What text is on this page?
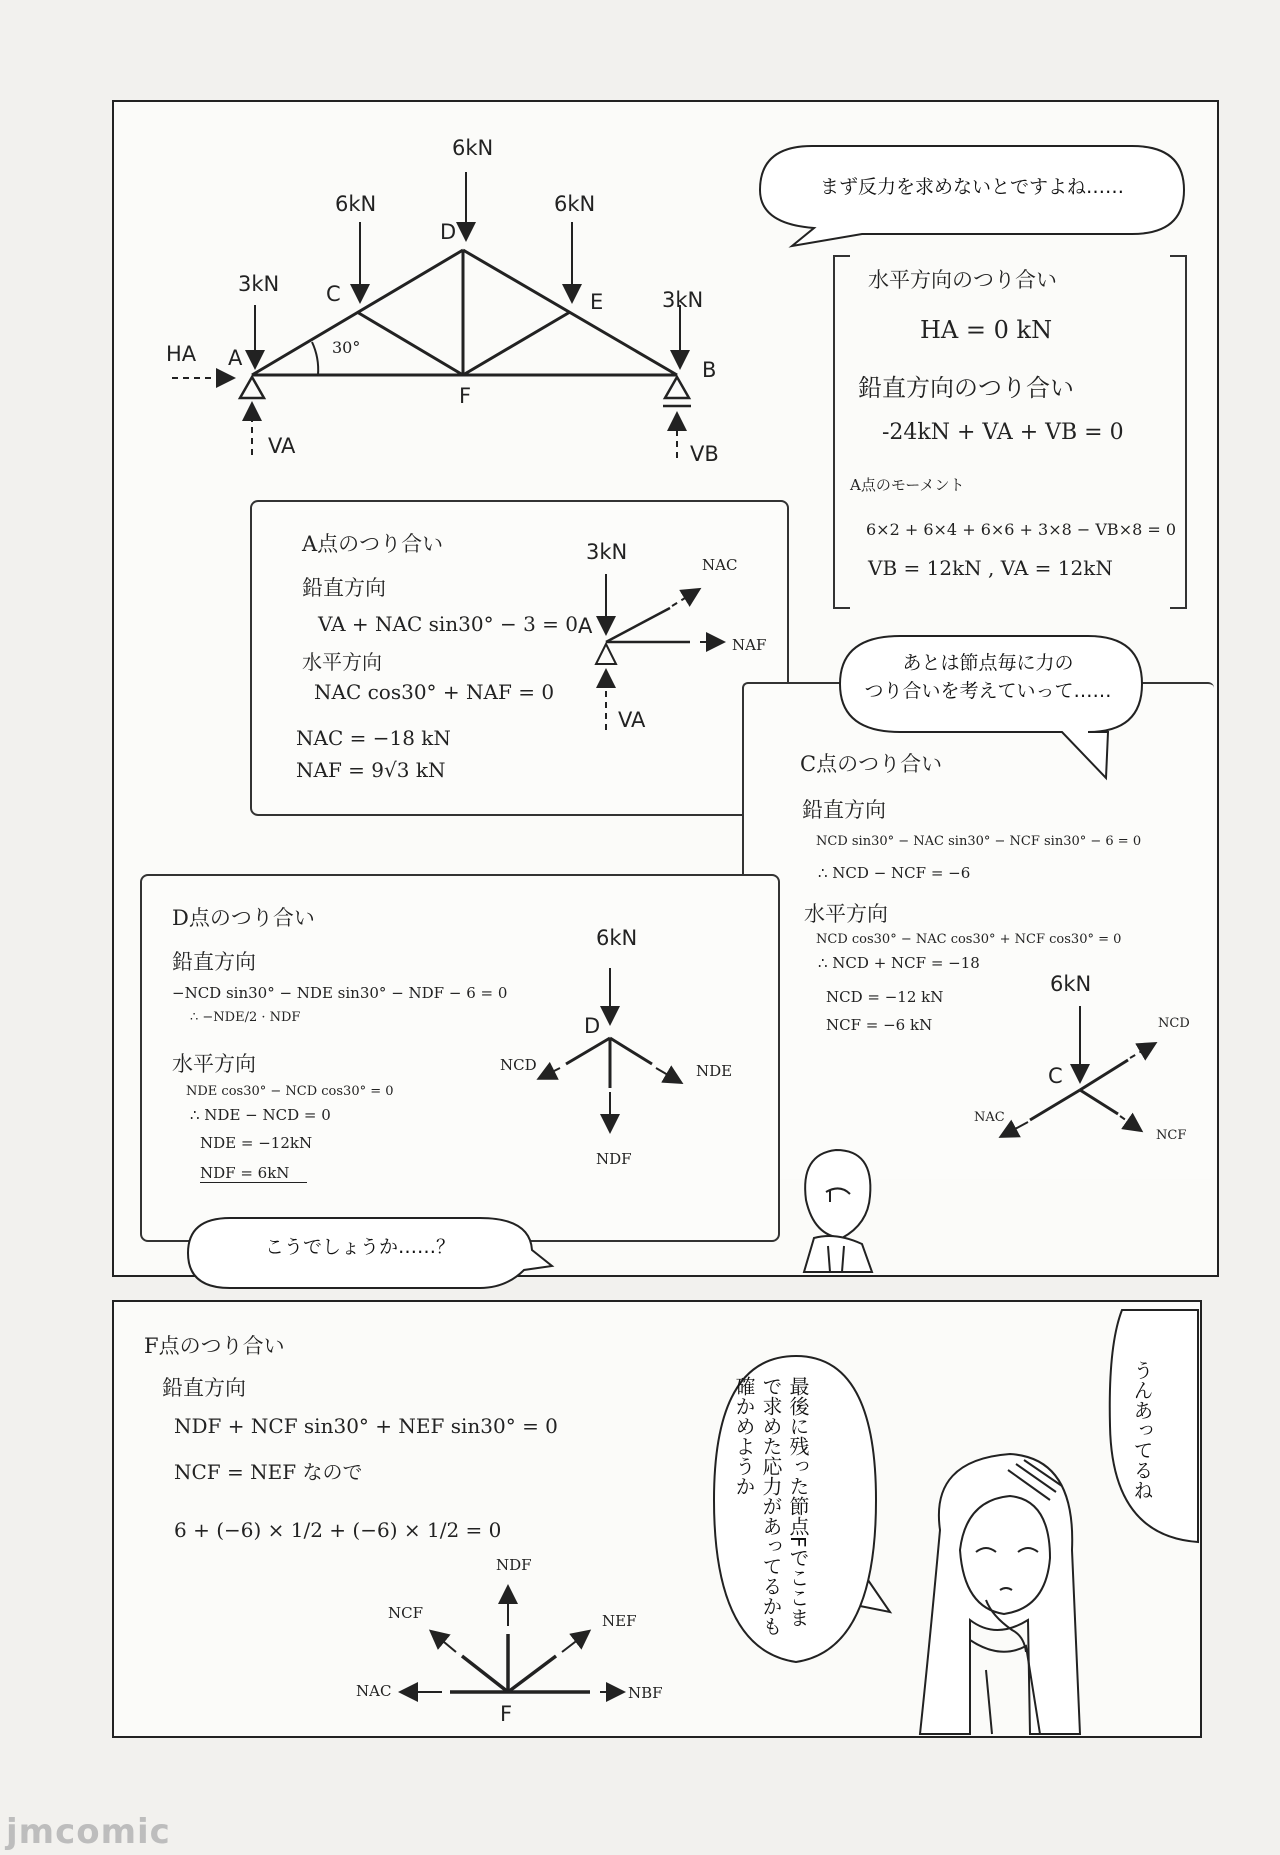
3kN
6kN
6kN
6kN
3kN
A
C
D
E
B
F
30°
HA
VA	VB
まず反力を求めないとですよね……
水平方向のつり合い
HA = 0 kN
鉛直方向のつり合い
-24kN + VA + VB = 0
A点のモーメント
6×2 + 6×4 + 6×6 + 3×8 − VB×8 = 0
VB = 12kN , VA = 12kN
A点のつり合い
鉛直方向
VA + NAC sin30° − 3 = 0
水平方向
NAC cos30° + NAF = 0
NAC = −18 kN
NAF = 9√3 kN
3kN
A
NAC
NAF
VA
C点のつり合い
鉛直方向
NCD sin30° − NAC sin30° − NCF sin30° − 6 = 0
∴ NCD − NCF = −6
水平方向
NCD cos30° − NAC cos30° + NCF cos30° = 0
∴ NCD + NCF = −18
NCD = −12 kN
NCF = −6 kN
6kN
C
NCD
NAC
NCF
あとは節点毎に力の
つり合いを考えていって……
D点のつり合い
鉛直方向
−NCD sin30° − NDE sin30° − NDF − 6 = 0
∴ −NDE/2 · NDF
水平方向
NDE cos30° − NCD cos30° = 0
∴ NDE − NCD = 0
NDE = −12kN
NDF = 6kN
6kN
D
NCD	NDE
NDF
こうでしょうか……？
F点のつり合い
鉛直方向
NDF + NCF sin30° + NEF sin30° = 0
NCF = NEF なので
6 + (−6) × 1/2 + (−6) × 1/2 = 0
NDF
NCF	NEF
NAC	NBF
F
最後に残った節点Fでここまで求めた応力があってるかも確かめようか	うんあってるね
jmcomic
